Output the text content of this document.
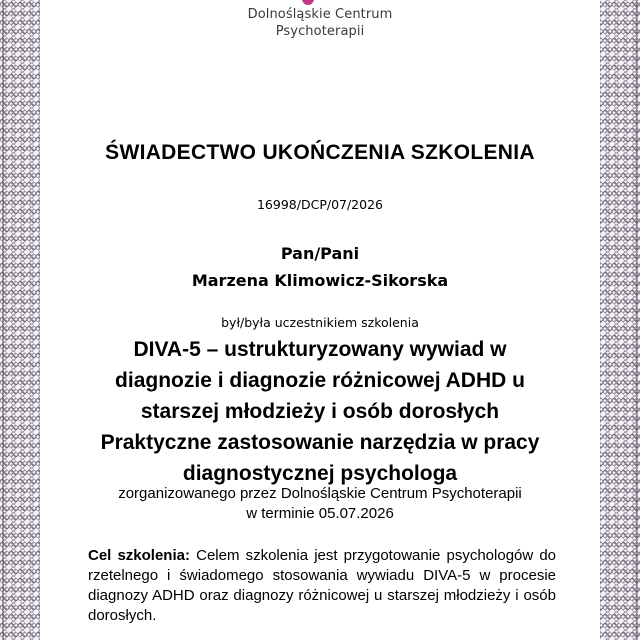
Dolnośląskie Centrum
Psychoterapii
ŚWIADECTWO UKOŃCZENIA SZKOLENIA
16998/DCP/07/2026
Pan/Pani
Marzena Klimowicz-Sikorska
był/była uczestnikiem szkolenia
DIVA-5 – ustrukturyzowany wywiad w
diagnozie i diagnozie różnicowej ADHD u
starszej młodzieży i osób dorosłych
Praktyczne zastosowanie narzędzia w pracy
diagnostycznej psychologa
zorganizowanego przez Dolnośląskie Centrum Psychoterapii
w terminie 05.07.2026
Cel szkolenia: Celem szkolenia jest przygotowanie psychologów do rzetelnego i świadomego stosowania wywiadu DIVA-5 w procesie diagnozy ADHD oraz diagnozy różnicowej u starszej młodzieży i osób dorosłych.
